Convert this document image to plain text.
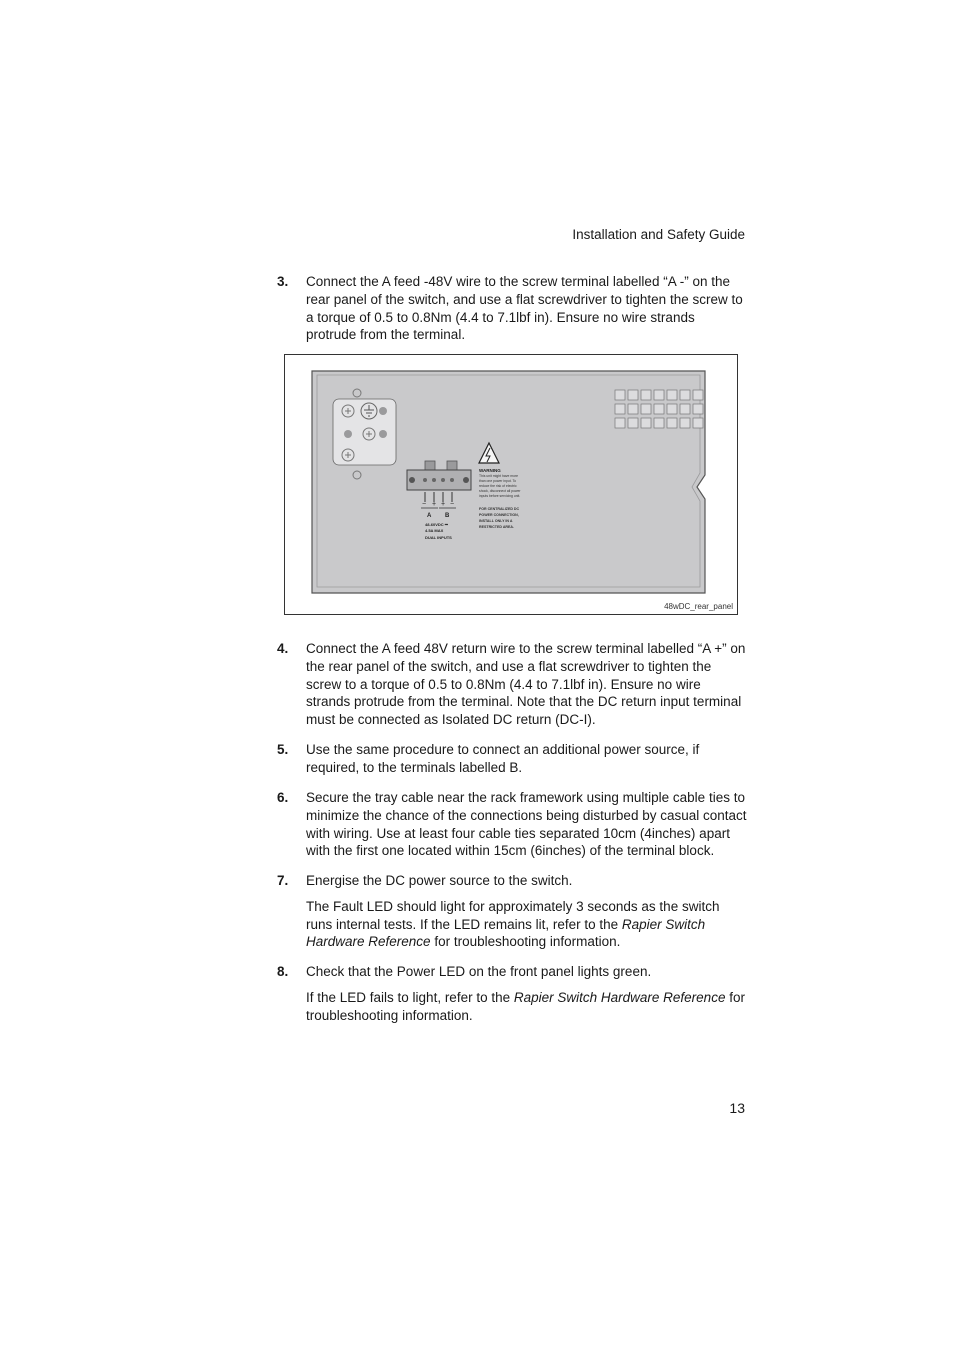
Installation and Safety Guide
3. Connect the A feed -48V wire to the screw terminal labelled “A -” on the rear panel of the switch, and use a flat screwdriver to tighten the screw to a torque of 0.5 to 0.8Nm (4.4 to 7.1lbf in). Ensure no wire strands protrude from the terminal.

− + + −
A B
48-60VDC ⎓
4.5A MAX
DUAL INPUTS
WARNING
This unit might have more
than one power input. To
reduce the risk of electric
shock, disconnect all power
inputs before servicing unit.
FOR CENTRALIZED DC
POWER CONNECTION,
INSTALL ONLY IN A
RESTRICTED AREA.
48wDC_rear_panel
4. Connect the A feed 48V return wire to the screw terminal labelled “A +” on the rear panel of the switch, and use a flat screwdriver to tighten the screw to a torque of 0.5 to 0.8Nm (4.4 to 7.1lbf in). Ensure no wire strands protrude from the terminal. Note that the DC return input terminal must be connected as Isolated DC return (DC-I).

5. Use the same procedure to connect an additional power source, if required, to the terminals labelled B.

6. Secure the tray cable near the rack framework using multiple cable ties to minimize the chance of the connections being disturbed by casual contact with wiring. Use at least four cable ties separated 10cm (4inches) apart with the first one located within 15cm (6inches) of the terminal block.

7. Energise the DC power source to the switch.

The Fault LED should light for approximately 3 seconds as the switch runs internal tests. If the LED remains lit, refer to the Rapier Switch Hardware Reference for troubleshooting information.

8. Check that the Power LED on the front panel lights green.

If the LED fails to light, refer to the Rapier Switch Hardware Reference for troubleshooting information.

13
